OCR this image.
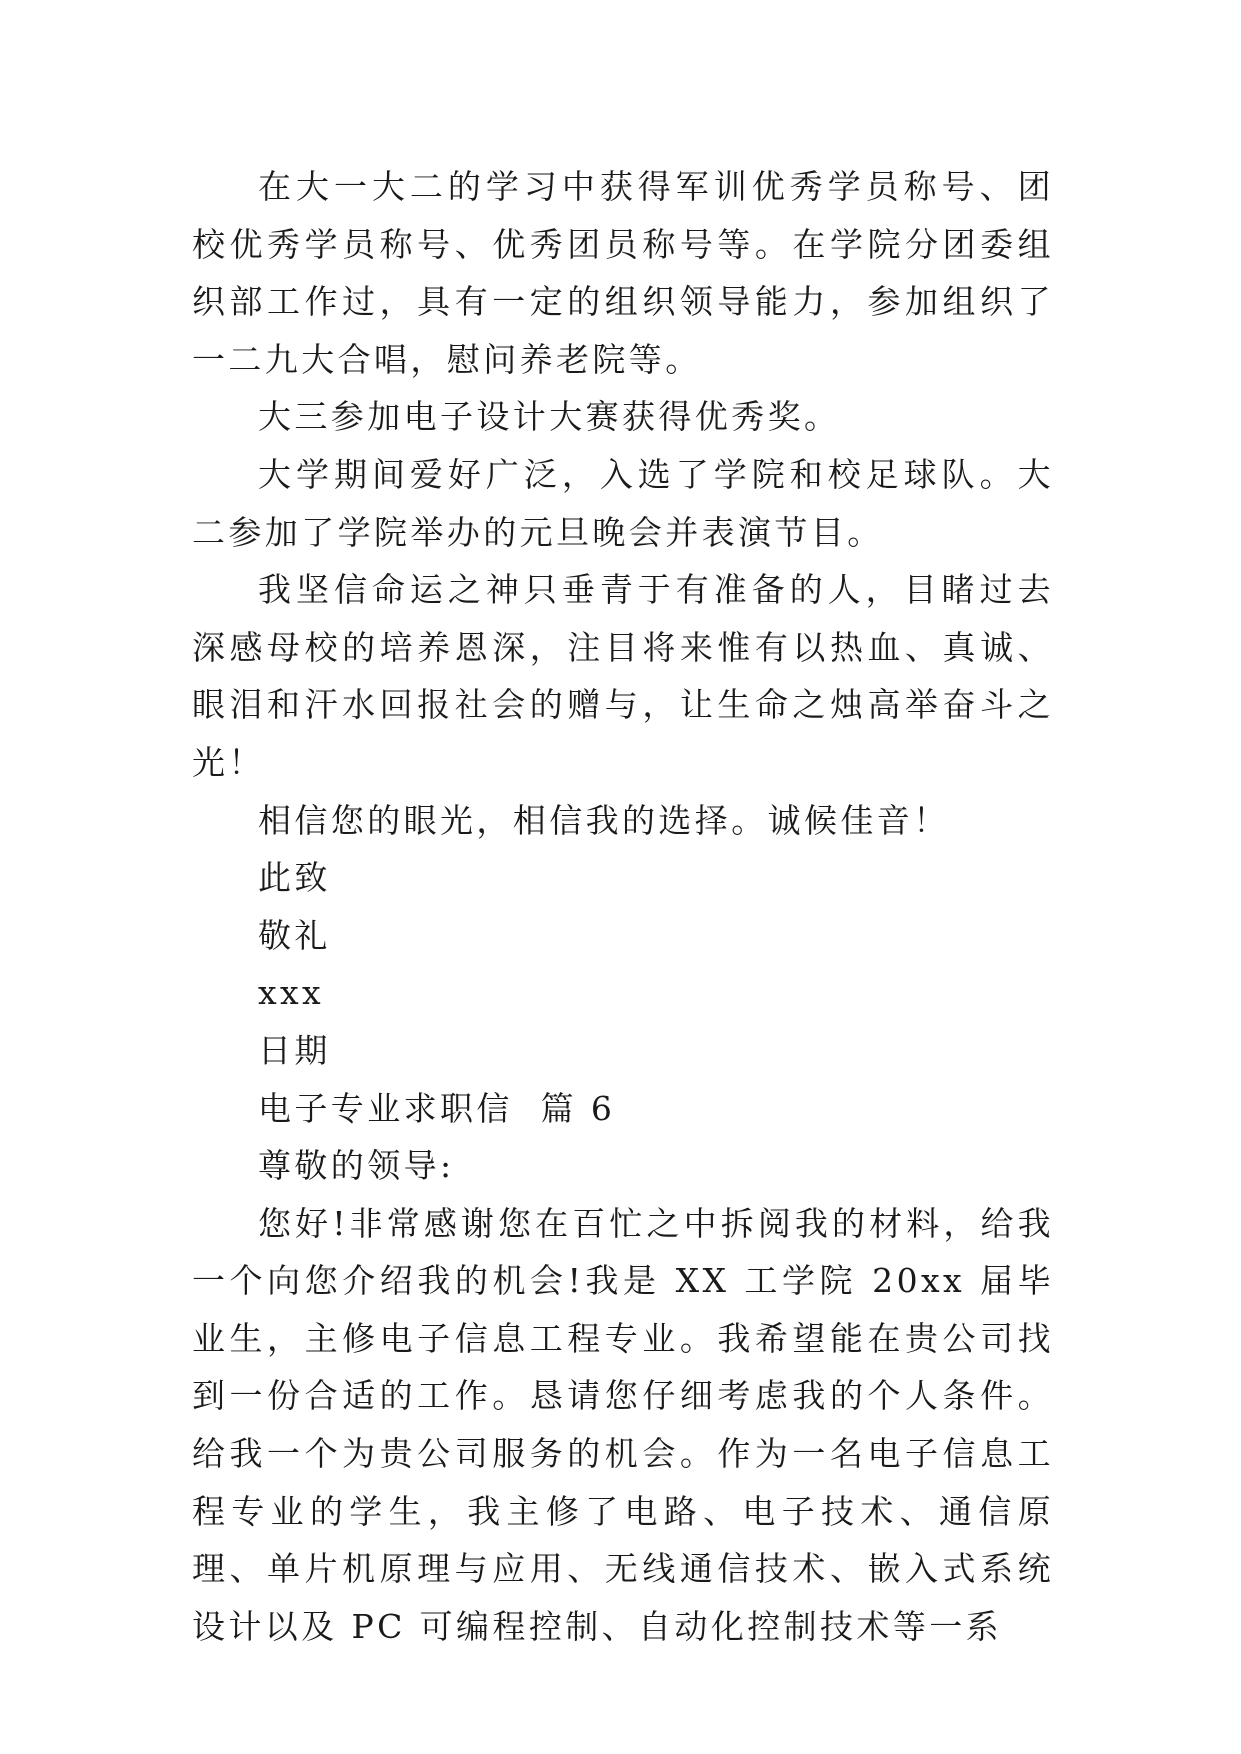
在大一大二的学习中获得军训优秀学员称号、团校优秀学员称号、优秀团员称号等。在学院分团委组织部工作过，具有一定的组织领导能力，参加组织了一二九大合唱，慰问养老院等。

大三参加电子设计大赛获得优秀奖。

大学期间爱好广泛，入选了学院和校足球队。大二参加了学院举办的元旦晚会并表演节目。

我坚信命运之神只垂青于有准备的人，目睹过去深感母校的培养恩深，注目将来惟有以热血、真诚、眼泪和汗水回报社会的赠与，让生命之烛高举奋斗之光！

相信您的眼光，相信我的选择。诚候佳音！

此致

敬礼

xxx

日期

电子专业求职信  篇 6

尊敬的领导:

您好!非常感谢您在百忙之中拆阅我的材料，给我一个向您介绍我的机会!我是 XX 工学院 20xx 届毕业生，主修电子信息工程专业。我希望能在贵公司找到一份合适的工作。恳请您仔细考虑我的个人条件。给我一个为贵公司服务的机会。作为一名电子信息工程专业的学生，我主修了电路、电子技术、通信原理、单片机原理与应用、无线通信技术、嵌入式系统设计以及 PC 可编程控制、自动化控制技术等一系
